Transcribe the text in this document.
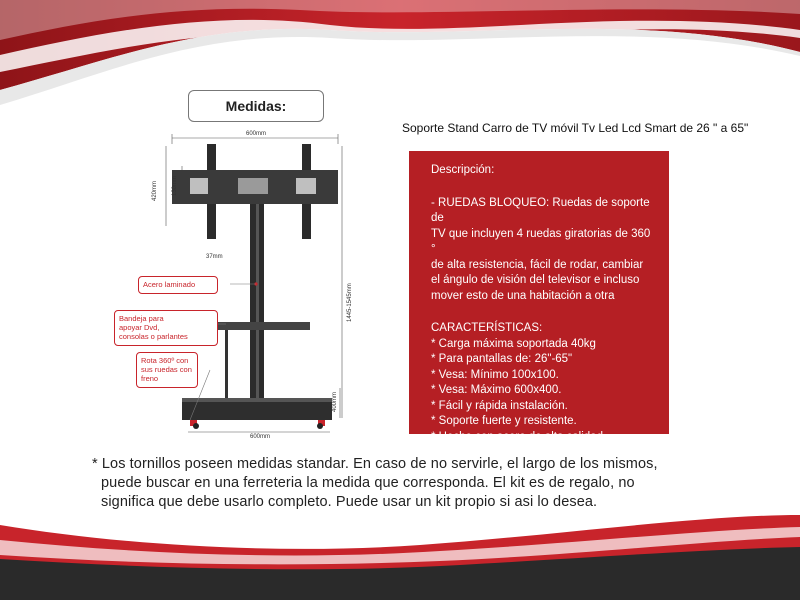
Medidas:
Soporte Stand Carro de TV móvil Tv Led Lcd Smart de 26 " a 65"
600mm
420mm 130mm
37mm
1445-1545mm
400mm
600mm
Acero laminado
Bandeja para
apoyar Dvd,
consolas o parlantes
Rota 360º con
sus ruedas con
freno
Descripción:
- RUEDAS BLOQUEO: Ruedas de soporte de
TV que incluyen 4 ruedas giratorias de 360 °
de alta resistencia, fácil de rodar, cambiar
el ángulo de visión del televisor e incluso
mover esto de una habitación a otra
CARACTERÍSTICAS:
* Carga máxima soportada 40kg
* Para pantallas de: 26"-65"
* Vesa: Mínimo 100x100.
* Vesa: Máximo 600x400.
* Fácil y rápida instalación.
* Soporte fuerte y resistente.
* Hecho con acero de alta calidad.
* Producto Nuevo en Caja.
* Los tornillos poseen medidas standar. En caso de no servirle, el largo de los mismos,
puede buscar en una ferreteria la medida que corresponda. El kit es de regalo, no
significa que debe usarlo completo. Puede usar un kit propio si asi lo desea.
